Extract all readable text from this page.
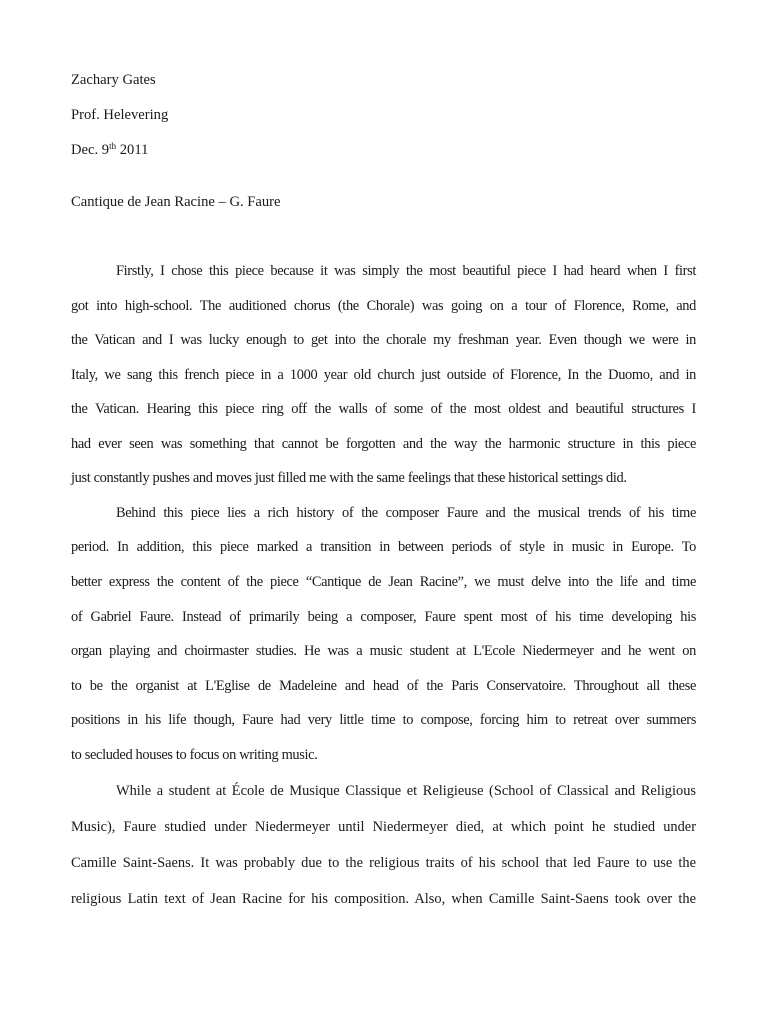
Zachary Gates
Prof. Helevering
Dec. 9th 2011
Cantique de Jean Racine – G. Faure
Firstly, I chose this piece because it was simply the most beautiful piece I had heard when I first
got into high-school. The auditioned chorus (the Chorale) was going on a tour of Florence, Rome, and
the Vatican and I was lucky enough to get into the chorale my freshman year. Even though we were in
Italy, we sang this french piece in a 1000 year old church just outside of Florence, In the Duomo, and in
the Vatican. Hearing this piece ring off the walls of some of the most oldest and beautiful structures I
had ever seen was something that cannot be forgotten and the way the harmonic structure in this piece
just constantly pushes and moves just filled me with the same feelings that these historical settings did.
Behind this piece lies a rich history of the composer Faure and the musical trends of his time
period. In addition, this piece marked a transition in between periods of style in music in Europe. To
better express the content of the piece “Cantique de Jean Racine”, we must delve into the life and time
of Gabriel Faure. Instead of primarily being a composer, Faure spent most of his time developing his
organ playing and choirmaster studies. He was a music student at L'Ecole Niedermeyer and he went on
to be the organist at L'Eglise de Madeleine and head of the Paris Conservatoire. Throughout all these
positions in his life though, Faure had very little time to compose, forcing him to retreat over summers
to secluded houses to focus on writing music.
While a student at École de Musique Classique et Religieuse (School of Classical and Religious
Music), Faure studied under Niedermeyer until Niedermeyer died, at which point he studied under
Camille Saint-Saens. It was probably due to the religious traits of his school that led Faure to use the
religious Latin text of Jean Racine for his composition. Also, when Camille Saint-Saens took over the
